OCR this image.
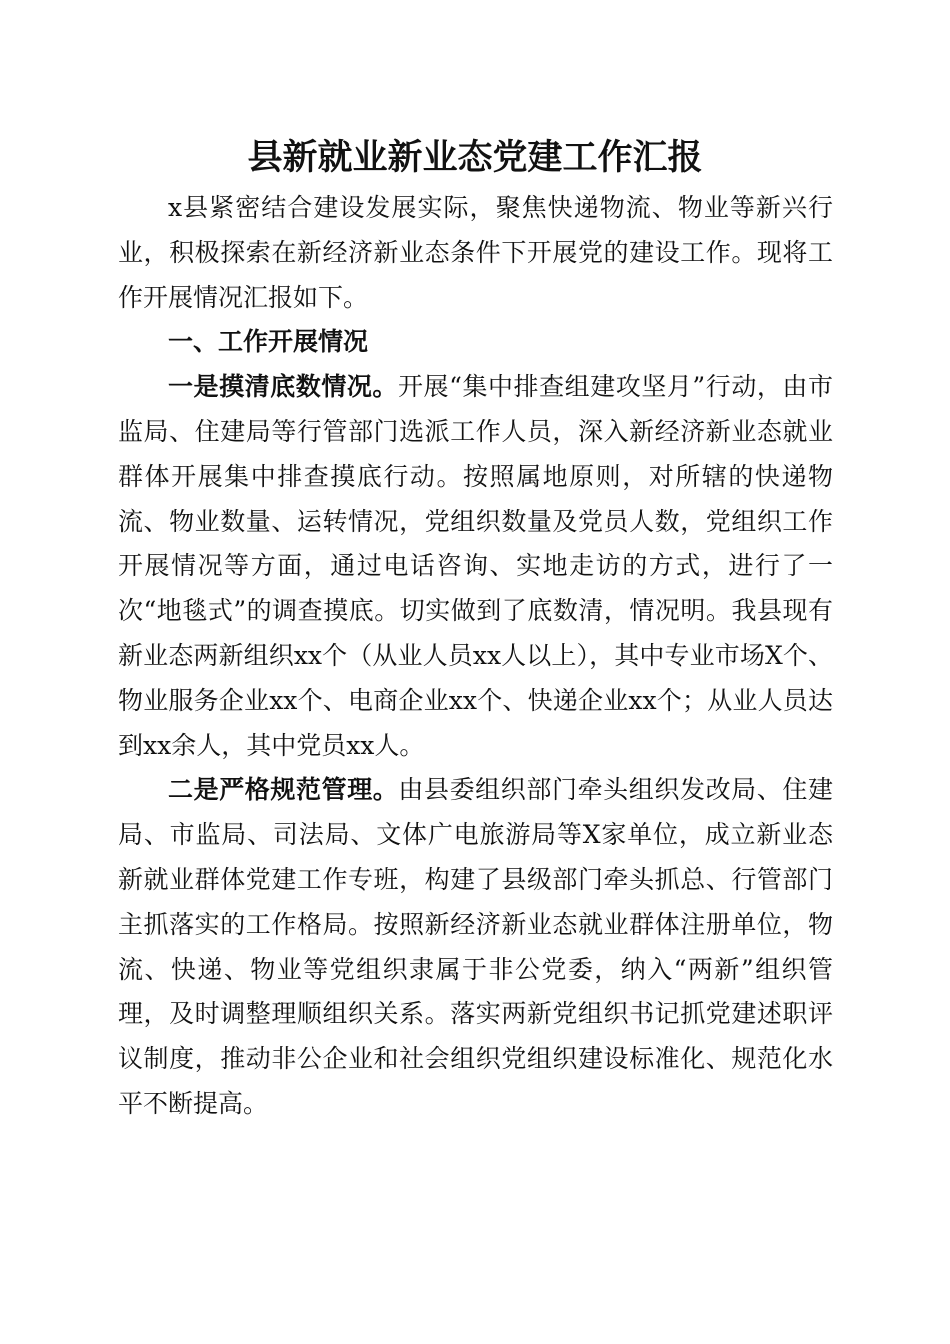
县新就业新业态党建工作汇报

x县紧密结合建设发展实际，聚焦快递物流、物业等新兴行业，积极探索在新经济新业态条件下开展党的建设工作。现将工作开展情况汇报如下。

一、工作开展情况

一是摸清底数情况。开展“集中排查组建攻坚月”行动，由市监局、住建局等行管部门选派工作人员，深入新经济新业态就业群体开展集中排查摸底行动。按照属地原则，对所辖的快递物流、物业数量、运转情况，党组织数量及党员人数，党组织工作开展情况等方面，通过电话咨询、实地走访的方式，进行了一次“地毯式”的调查摸底。切实做到了底数清，情况明。我县现有新业态两新组织xx个（从业人员xx人以上），其中专业市场X个、物业服务企业xx个、电商企业xx个、快递企业xx个；从业人员达到xx余人，其中党员xx人。

二是严格规范管理。由县委组织部门牵头组织发改局、住建局、市监局、司法局、文体广电旅游局等X家单位，成立新业态新就业群体党建工作专班，构建了县级部门牵头抓总、行管部门主抓落实的工作格局。按照新经济新业态就业群体注册单位，物流、快递、物业等党组织隶属于非公党委，纳入“两新”组织管理，及时调整理顺组织关系。落实两新党组织书记抓党建述职评议制度，推动非公企业和社会组织党组织建设标准化、规范化水平不断提高。
